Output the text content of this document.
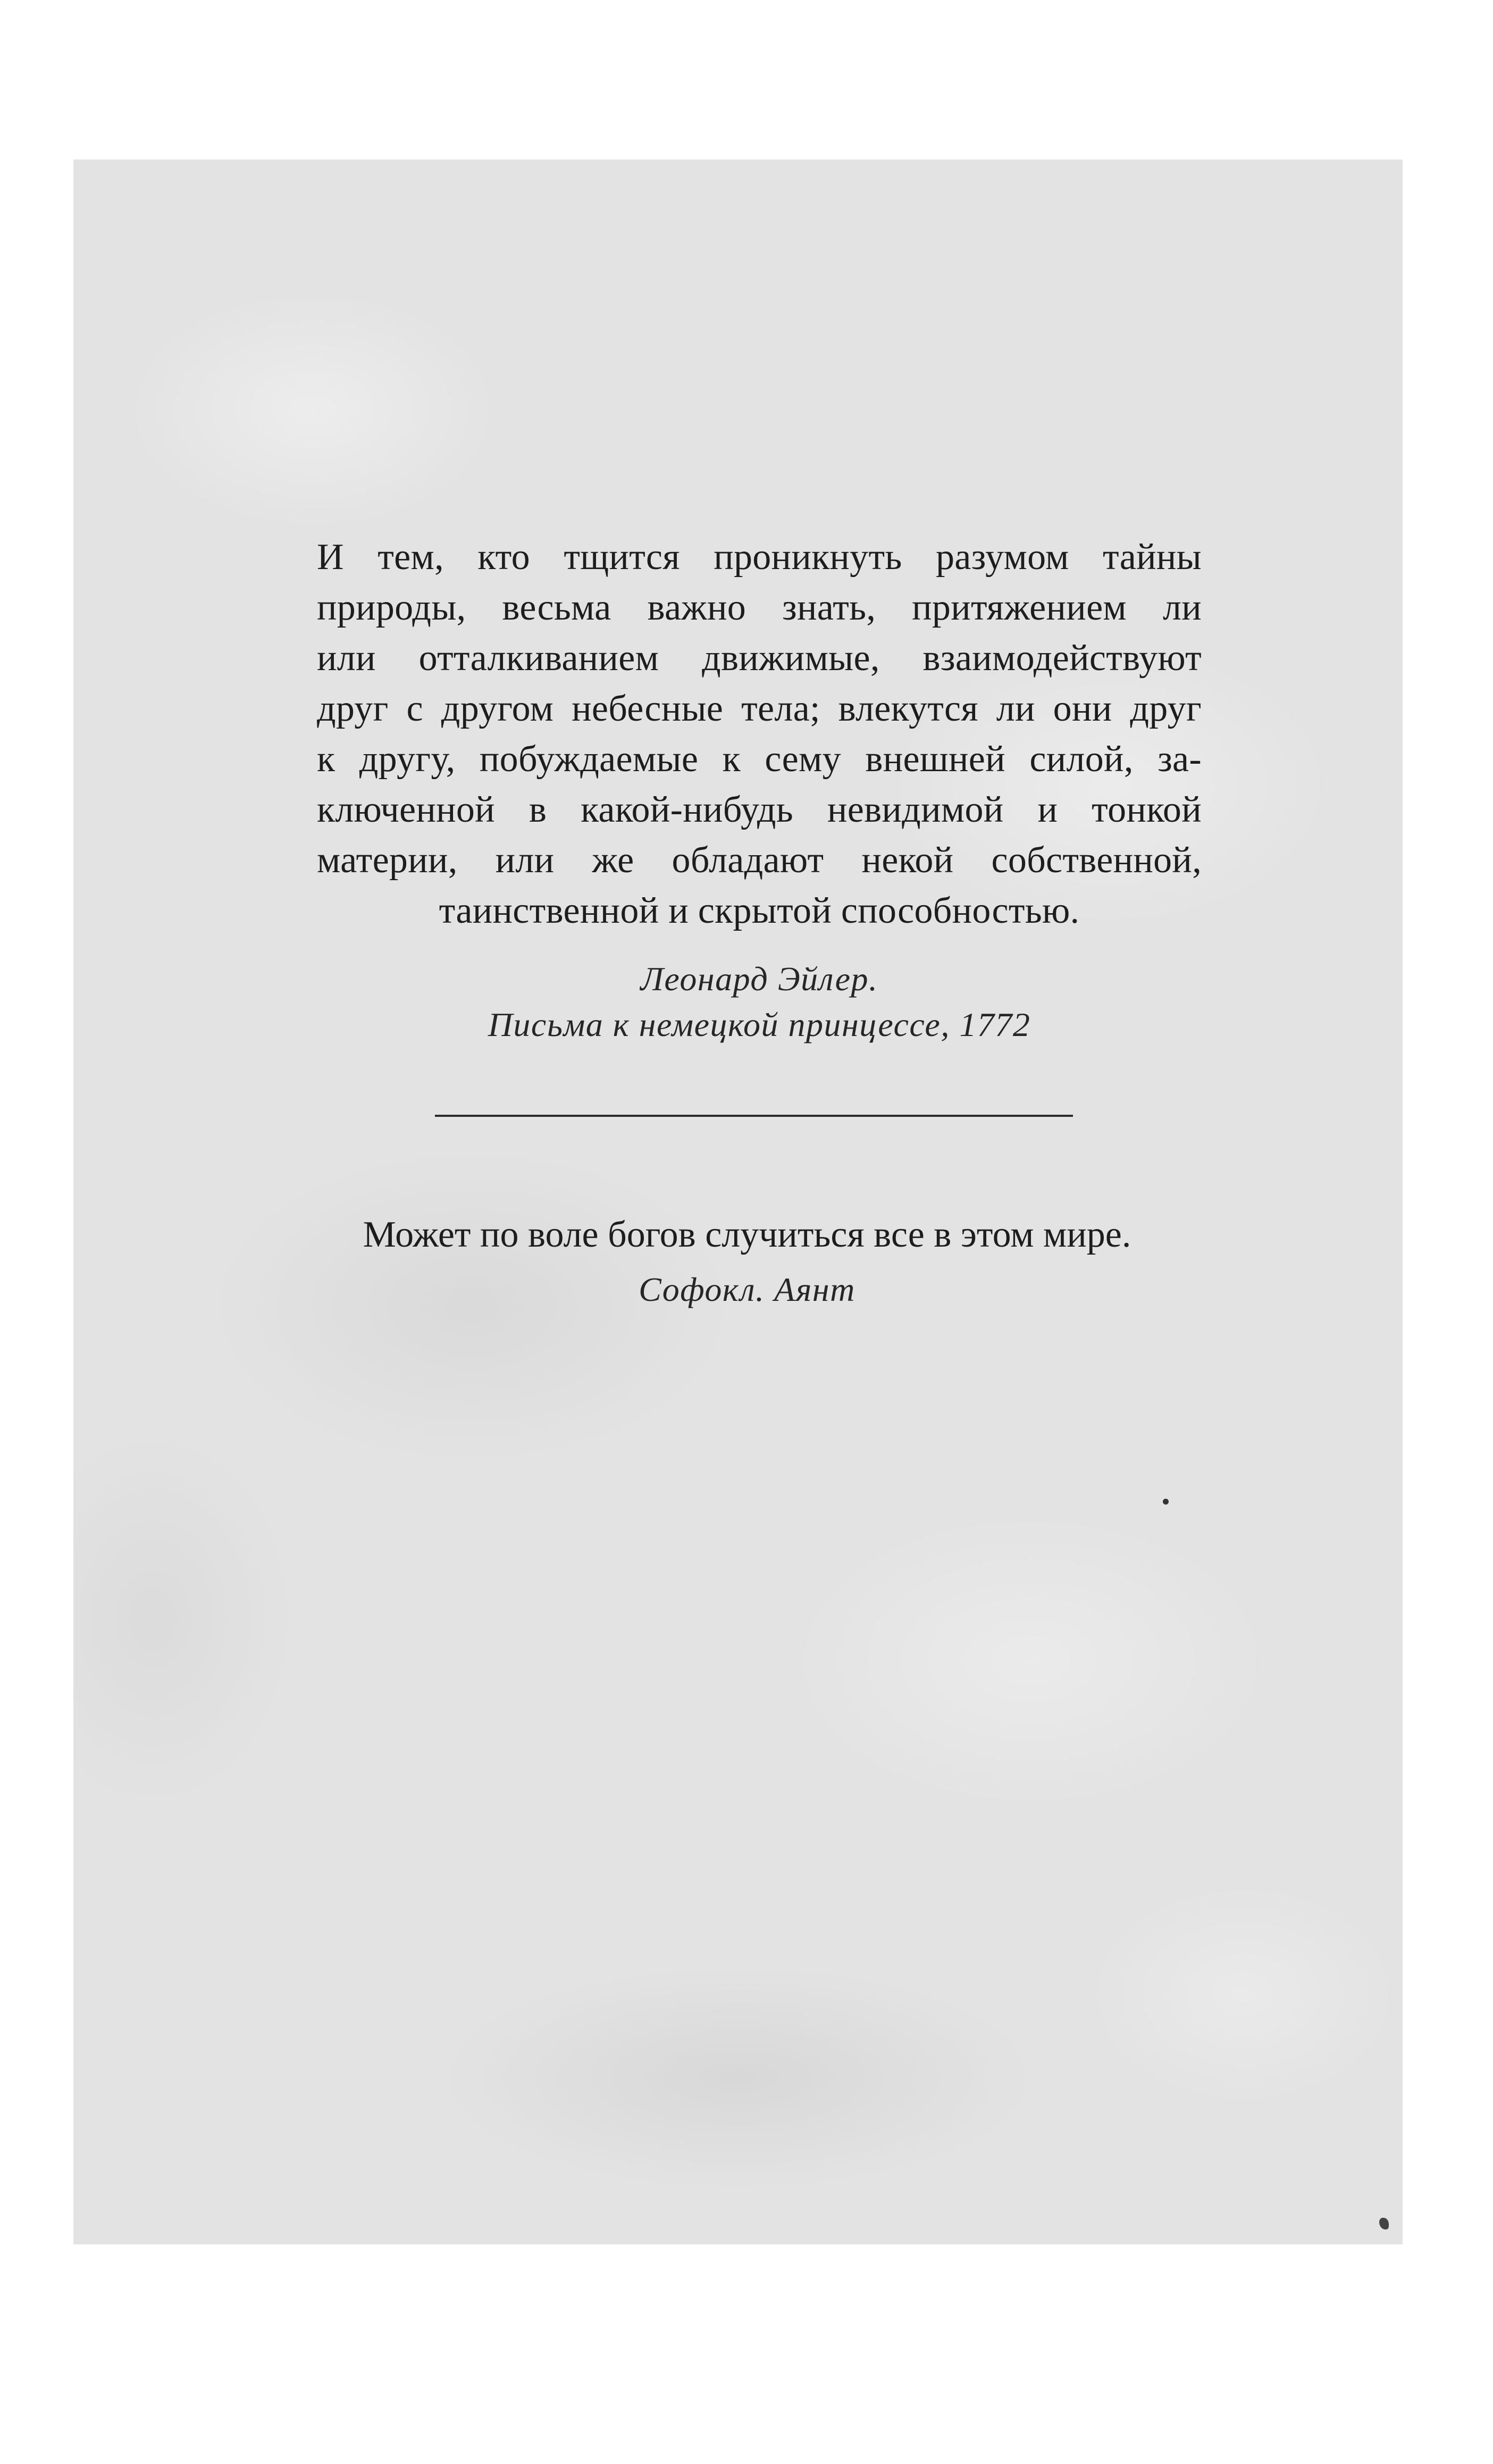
И тем, кто тщится проникнуть разумом тайны
природы, весьма важно знать, притяжением ли
или отталкиванием движимые, взаимодействуют
друг с другом небесные тела; влекутся ли они друг
к другу, побуждаемые к сему внешней силой, за-
ключенной в какой-нибудь невидимой и тонкой
материи, или же обладают некой собственной,
таинственной и скрытой способностью.

Леонард Эйлер.
Письма к немецкой принцессе, 1772
Может по воле богов случиться все в этом мире.
Софокл. Аянт
